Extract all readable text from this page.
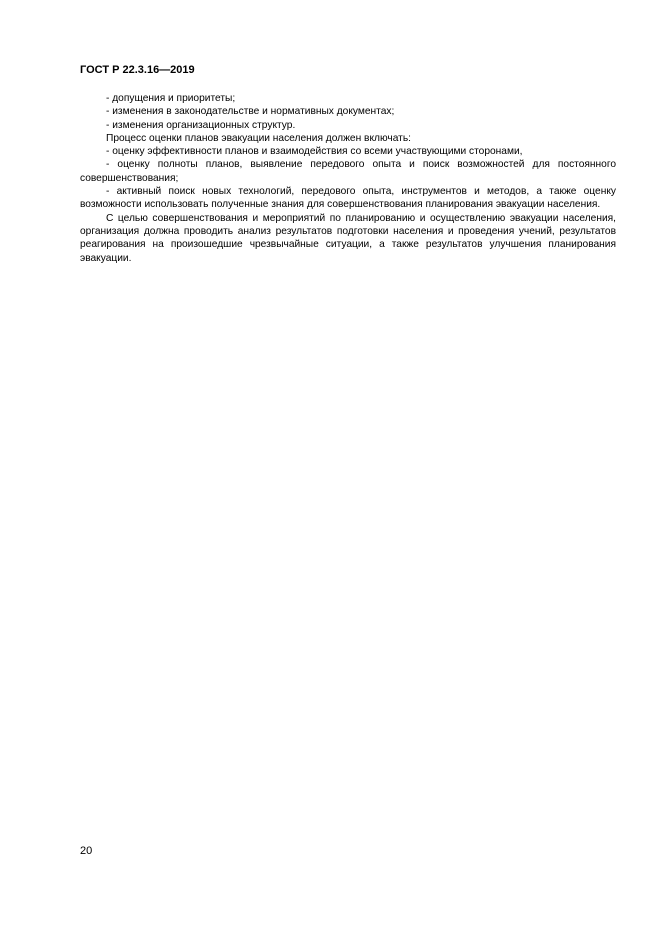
ГОСТ Р 22.3.16—2019
- допущения и приоритеты;
- изменения в законодательстве и нормативных документах;
- изменения организационных структур.
Процесс оценки планов эвакуации населения должен включать:
- оценку эффективности планов и взаимодействия со всеми участвующими сторонами,
- оценку полноты планов, выявление передового опыта и поиск возможностей для постоянного совершенствования;
- активный поиск новых технологий, передового опыта, инструментов и методов, а также оценку возможности использовать полученные знания для совершенствования планирования эвакуации населения.
С целью совершенствования и мероприятий по планированию и осуществлению эвакуации населения, организация должна проводить анализ результатов подготовки населения и проведения учений, результатов реагирования на произошедшие чрезвычайные ситуации, а также результатов улучшения планирования эвакуации.
20
